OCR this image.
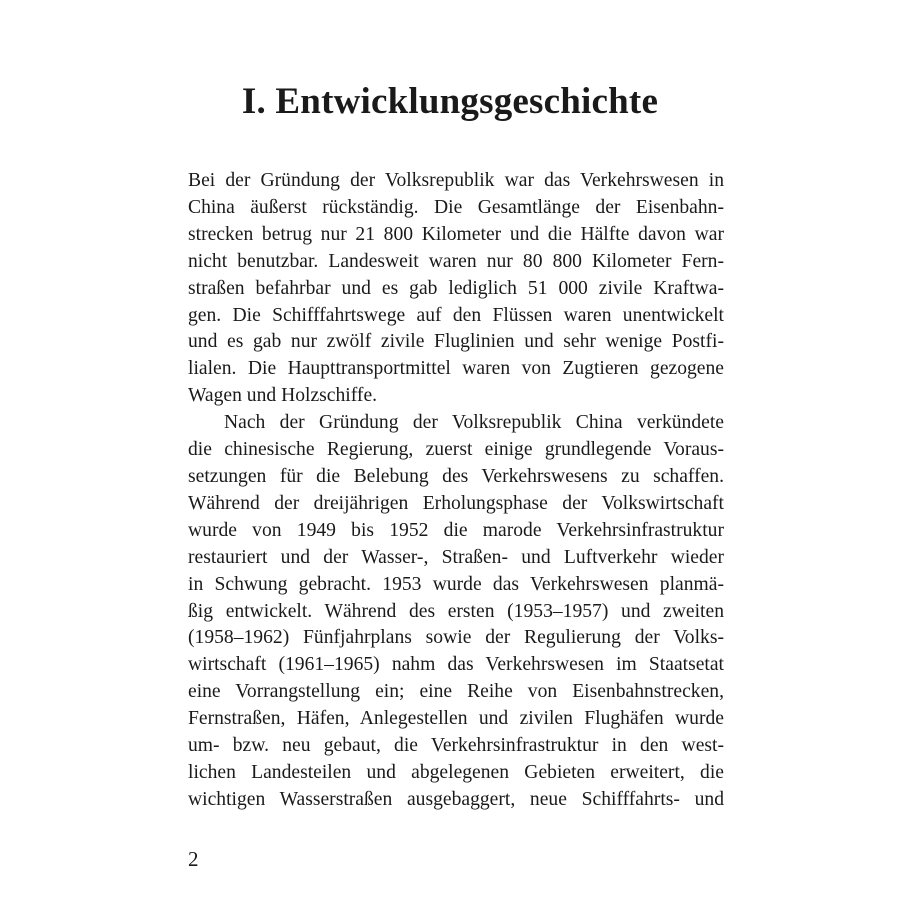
I. Entwicklungsgeschichte
Bei der Gründung der Volksrepublik war das Verkehrswesen in
China äußerst rückständig. Die Gesamtlänge der Eisenbahn-
strecken betrug nur 21 800 Kilometer und die Hälfte davon war
nicht benutzbar. Landesweit waren nur 80 800 Kilometer Fern-
straßen befahrbar und es gab lediglich 51 000 zivile Kraftwa-
gen. Die Schifffahrtswege auf den Flüssen waren unentwickelt
und es gab nur zwölf zivile Fluglinien und sehr wenige Postfi-
lialen. Die Haupttransportmittel waren von Zugtieren gezogene
Wagen und Holzschiffe.
Nach der Gründung der Volksrepublik China verkündete
die chinesische Regierung, zuerst einige grundlegende Voraus-
setzungen für die Belebung des Verkehrswesens zu schaffen.
Während der dreijährigen Erholungsphase der Volkswirtschaft
wurde von 1949 bis 1952 die marode Verkehrsinfrastruktur
restauriert und der Wasser-, Straßen- und Luftverkehr wieder
in Schwung gebracht. 1953 wurde das Verkehrswesen planmä-
ßig entwickelt. Während des ersten (1953–1957) und zweiten
(1958–1962) Fünfjahrplans sowie der Regulierung der Volks-
wirtschaft (1961–1965) nahm das Verkehrswesen im Staatsetat
eine Vorrangstellung ein; eine Reihe von Eisenbahnstrecken,
Fernstraßen, Häfen, Anlegestellen und zivilen Flughäfen wurde
um- bzw. neu gebaut, die Verkehrsinfrastruktur in den west-
lichen Landesteilen und abgelegenen Gebieten erweitert, die
wichtigen Wasserstraßen ausgebaggert, neue Schifffahrts- und
2
